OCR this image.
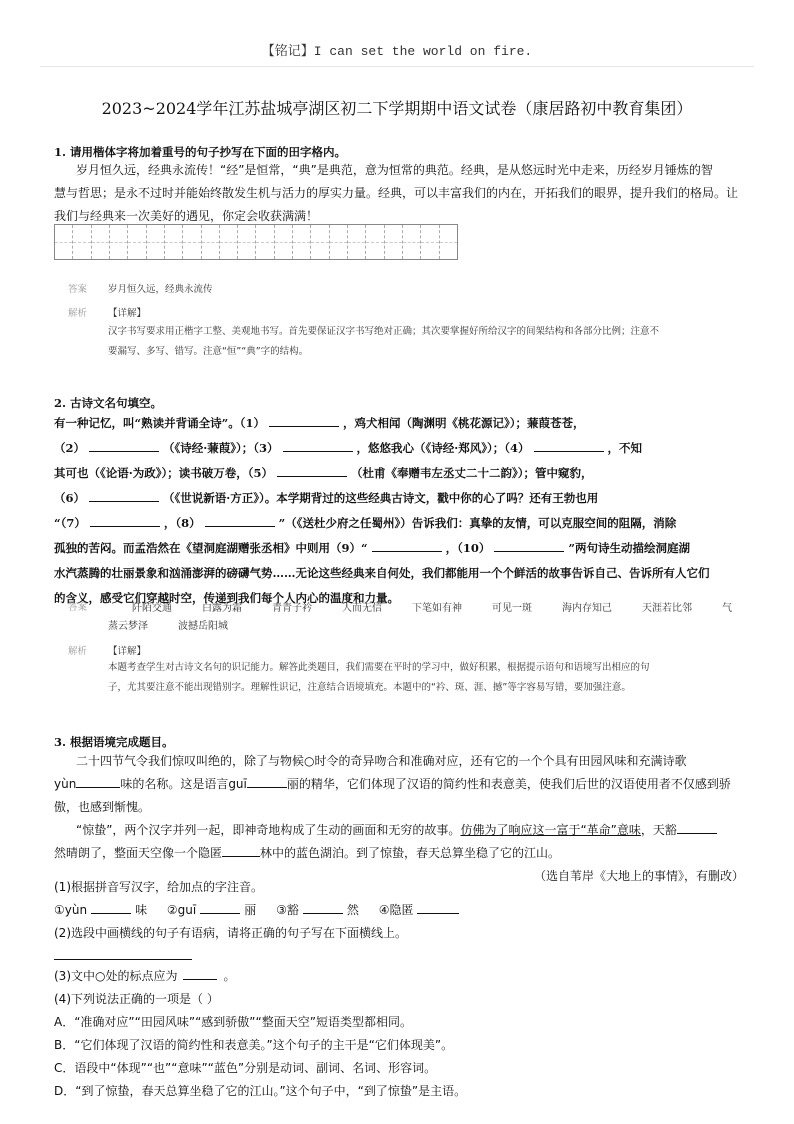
【铭记】I can set the world on fire.
2023~2024学年江苏盐城亭湖区初二下学期期中语文试卷（康居路初中教育集团）
1. 请用楷体字将加着重号的句子抄写在下面的田字格内。
岁月恒久远，经典永流传！“经”是恒常，“典”是典范，意为恒常的典范。经典，是从悠远时光中走来，历经岁月锤炼的智
慧与哲思；是永不过时并能始终散发生机与活力的厚实力量。经典，可以丰富我们的内在，开拓我们的眼界，提升我们的格局。让
我们与经典来一次美好的遇见，你定会收获满满！
答案 岁月恒久远，经典永流传
解析 【详解】
汉字书写要求用正楷字工整、美观地书写。首先要保证汉字书写绝对正确；其次要掌握好所给汉字的间架结构和各部分比例；注意不
要漏写、多写、错写。注意“恒”“典”字的结构。
2. 古诗文名句填空。
有一种记忆，叫“熟读并背诵全诗”。（1）	，鸡犬相闻（陶渊明《桃花源记》）；蒹葭苍苍，
（2）	（《诗经·蒹葭》）；（3）	，悠悠我心（《诗经·郑风》）；（4）	，不知
其可也（《论语·为政》）；读书破万卷，（5）	（杜甫《奉赠韦左丞丈二十二韵》）；管中窥豹，
（6）	（《世说新语·方正》）。本学期背过的这些经典古诗文，戳中你的心了吗？还有王勃也用
“（7）	，（8）	”（《送杜少府之任蜀州》）告诉我们：真挚的友情，可以克服空间的阻隔，消除
孤独的苦闷。而孟浩然在《望洞庭湖赠张丞相》中则用（9）“	，（10）	”两句诗生动描绘洞庭湖
水汽蒸腾的壮丽景象和汹涌澎湃的磅礴气势……无论这些经典来自何处，我们都能用一个个鲜活的故事告诉自己、告诉所有人它们
的含义，感受它们穿越时空，传递到我们每个人内心的温度和力量。
答案	阡陌交通	白露为霜	青青子衿	人而无信	下笔如有神	可见一斑	海内存知己	天涯若比邻	气
蒸云梦泽	波撼岳阳城
解析 【详解】
本题考查学生对古诗文名句的识记能力。解答此类题目，我们需要在平时的学习中，做好积累，根据提示语句和语境写出相应的句
子，尤其要注意不能出现错别字。理解性识记，注意结合语境填充。本题中的“衿、斑、涯、撼”等字容易写错，要加强注意。
3. 根据语境完成题目。
二十四节气令我们惊叹叫绝的，除了与物候○时令的奇异吻合和准确对应，还有它的一个个具有田园风味和充满诗歌
yùn	味的名称。这是语言guī	丽的精华，它们体现了汉语的简约性和表意美，使我们后世的汉语使用者不仅感到骄
傲，也感到惭愧。
“惊蛰”，两个汉字并列一起，即神奇地构成了生动的画面和无穷的故事。仿佛为了响应这一富于“革命”意味，天豁
然晴朗了，整面天空像一个隐匿	林中的蓝色湖泊。到了惊蛰，春天总算坐稳了它的江山。
（选自苇岸《大地上的事情》，有删改）
(1)根据拼音写汉字，给加点的字注音。
①yùn	味 ②guī	丽 ③豁	然 ④隐匿
(2)选段中画横线的句子有语病，请将正确的句子写在下面横线上。
(3)文中○处的标点应为	。
(4)下列说法正确的一项是（ ）
A．“准确对应”“田园风味”“感到骄傲”“整面天空”短语类型都相同。
B．“它们体现了汉语的简约性和表意美。”这个句子的主干是“它们体现美”。
C．语段中“体现”“也”“意味”“蓝色”分别是动词、副词、名词、形容词。
D．“到了惊蛰，春天总算坐稳了它的江山。”这个句子中，“到了惊蛰”是主语。
